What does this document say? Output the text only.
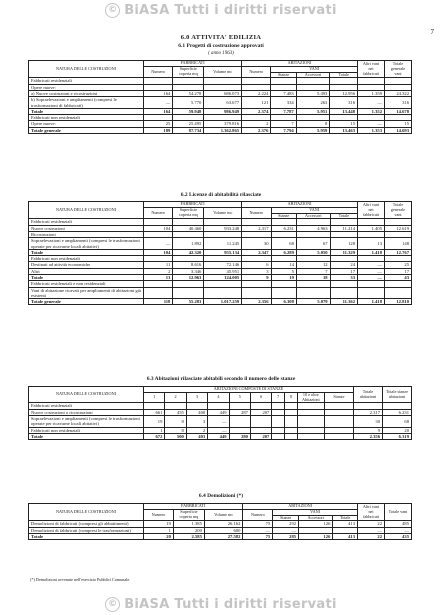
© BiASA Tutti i diritti riservati
© BiASA Tutti i diritti riservati
7
6.0 ATTIVITA' EDILIZIA
6.1 Progetti di costruzione approvati
( anno 1963)
NATURA DELLE COSTRUZIONI	FABBRICATI			ABITAZIONI				Altri vani nei fabbricati	Totale generale vani
	Numero	Superficie coperta mq	Volume mc	Numero	VANI				
					Stanze	Accessori	Totale		
Fabbricati residenziali									
Opere nuove:									
a) Nuove costruzioni e ricostruzioni	164	54.278	686.073	2.224	7.483	5.493	12.956	1.359	24.322
b) Sopraelevazioni e ampliamenti (compresi le trasformazioni di fabbricati)	—	5.770	63.677	121	334	263	316	—	316
Totale	164	59.948	986.949	2.374	7.787	5.951	13.448	1.352	14.678
Fabbricati non residenziali									
Opere nuove:	25	25.495	379.816	2	7	8	15	—	15
Totale generale	189	87.734	1.362.865	2.376	7.794	5.959	13.463	1.353	14.693
6.2 Licenze di abitabilità rilasciate
NATURA DELLE COSTRUZIONI	FABBRICATI			ABITAZIONI				Altri vani nei fabbricati	Totale generale vani
	Numero	Superficie coperta mq	Volume mc	Numero	VANI				
					Stanze	Accessori	Totale		
Fabbricati residenziali									
Nuove costruzioni	104	40.460	933.248	2.317	6.231	4.963	11.214	1.405	12.619
Ricostruzioni									
Sopraelevazioni e ampliamenti (compresi le trasformazioni operate per ricavarne locali abitativi)	—	1.892	11.245	30	68	67	128	13	148
Totale	104	42.320	955.134	2.347	6.289	5.050	11.329	1.418	12.767
Fabbricati non residenziali									
Destinati ad attività economiche	11	8.616	72.146	6	14	12	24	—	25
Altri	2	3.346	45.951	3	5	7	17	—	17
Totale	13	12.963	124.005	9	19	18	33	—	43
Fabbricati residenziali e non residenziali									
Vani di abitazione ricavati per ampliamenti di abitazioni già esistenti									
Totale generale	118	55.283	1.017.259	2.356	6.308	5.079	11.362	1.418	12.810
6.3 Abitazioni rilasciate abitabili secondo il numero delle stanze
NATURA DELLE COSTRUZIONI	ABITAZIONI COMPOSTE DI STANZE										Totale abitazioni	Totale stanze abitazioni
	1	2	3	4	5	6	7	8	10 e oltre Abitazioni	Stanze		
Fabbricati residenziali												
Nuove costruzioni o ricostruzioni	661	455	400	449	287	207					2.317	6.231
Sopraelevazioni e ampliamenti (compresi le trasformazioni operate per ricavarne locali abitativi)	19	8	3	—							30	68
Fabbricati non residenziali	1	8	2	—							9	20
Totale	672	500	403	449	280	207					2.356	6.319
6.4 Demolizioni (*)
NATURA DELLE COSTRUZIONI	FABBRICATI			ABITAZIONI				Altri vani nei fabbricati	Totale vani
	Numero	Superficie coperta mq	Volume mc	Numero	VANI				
					Stanze	Accessori	Totale		
Demolizioni di fabbricati (compresi gli abbattimenti)	19	1.385	26.162	75	292	126	413	22	485
Demolizioni di fabbricati (compresi le trasformazioni)	1	200	600	—	—			—	—
Totale	20	2.585	27.582	75	285	126	413	22	435
(*) Demolizioni avvenute nell'esercizio Pubblici Comunale.
